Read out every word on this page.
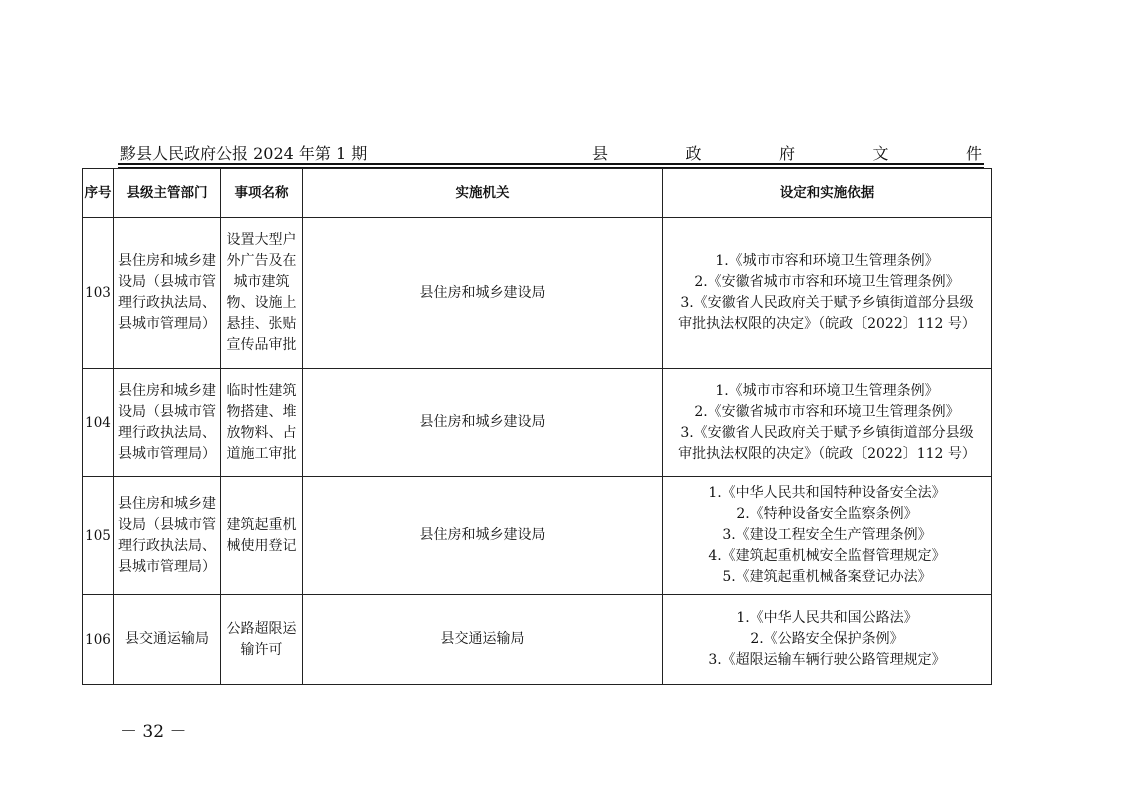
黟县人民政府公报 2024 年第 1 期	县	政	府	文	件
序号	县级主管部门	事项名称	实施机关	设定和实施依据
103	县住房和城乡建设局（县城市管理行政执法局、县城市管理局）	设置大型户外广告及在城市建筑物、设施上悬挂、张贴宣传品审批	县住房和城乡建设局	1.《城市市容和环境卫生管理条例》
2.《安徽省城市市容和环境卫生管理条例》
3.《安徽省人民政府关于赋予乡镇街道部分县级
审批执法权限的决定》（皖政〔2022〕112 号）

104	县住房和城乡建设局（县城市管理行政执法局、县城市管理局）	临时性建筑物搭建、堆放物料、占道施工审批	县住房和城乡建设局	1.《城市市容和环境卫生管理条例》
2.《安徽省城市市容和环境卫生管理条例》
3.《安徽省人民政府关于赋予乡镇街道部分县级
审批执法权限的决定》（皖政〔2022〕112 号）

105	县住房和城乡建设局（县城市管理行政执法局、县城市管理局）	建筑起重机械使用登记	县住房和城乡建设局	1.《中华人民共和国特种设备安全法》
2.《特种设备安全监察条例》
3.《建设工程安全生产管理条例》
4.《建筑起重机械安全监督管理规定》
5.《建筑起重机械备案登记办法》

106	县交通运输局	公路超限运输许可	县交通运输局	1.《中华人民共和国公路法》
2.《公路安全保护条例》
3.《超限运输车辆行驶公路管理规定》
－ 32 －
